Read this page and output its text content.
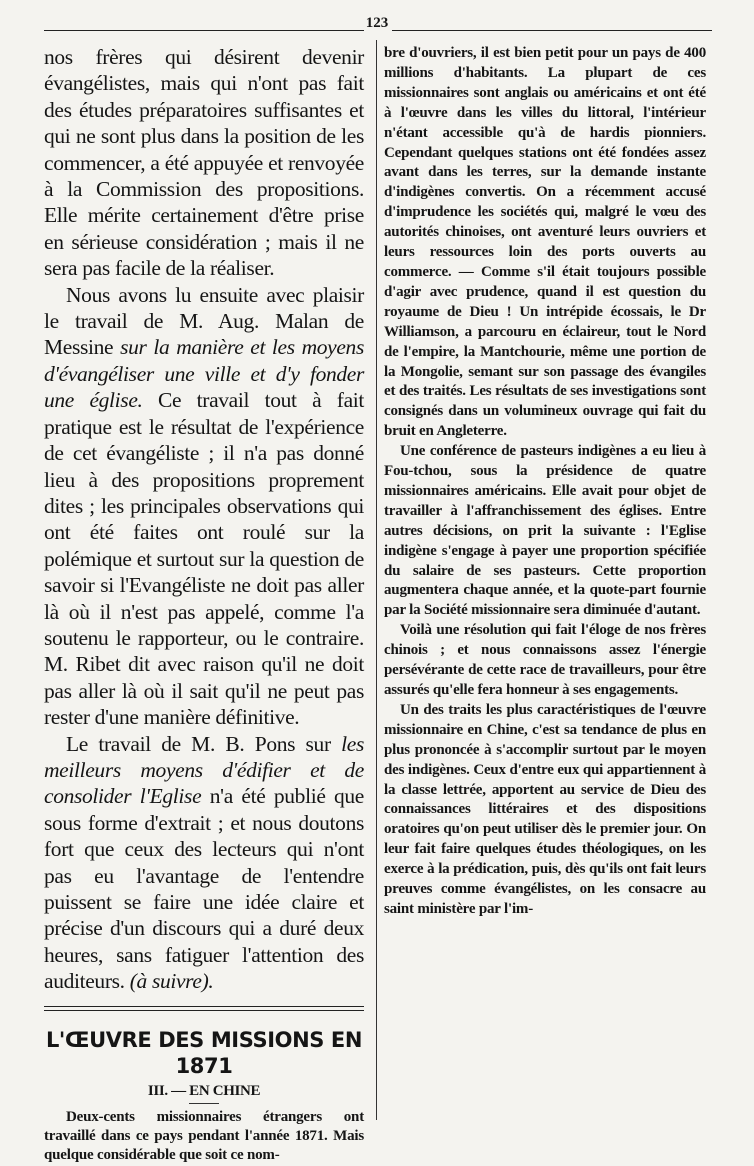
123

nos frères qui désirent devenir évangélistes, mais qui n'ont pas fait des études préparatoires suffisantes et qui ne sont plus dans la position de les commencer, a été appuyée et renvoyée à la Commission des propositions. Elle mérite certainement d'être prise en sérieuse considération ; mais il ne sera pas facile de la réaliser.

Nous avons lu ensuite avec plaisir le travail de M. Aug. Malan de Messine sur la manière et les moyens d'évangéliser une ville et d'y fonder une église. Ce travail tout à fait pratique est le résultat de l'expérience de cet évangéliste ; il n'a pas donné lieu à des propositions proprement dites ; les principales observations qui ont été faites ont roulé sur la polémique et surtout sur la question de savoir si l'Evangéliste ne doit pas aller là où il n'est pas appelé, comme l'a soutenu le rapporteur, ou le contraire. M. Ribet dit avec raison qu'il ne doit pas aller là où il sait qu'il ne peut pas rester d'une manière définitive.

Le travail de M. B. Pons sur les meilleurs moyens d'édifier et de consolider l'Eglise n'a été publié que sous forme d'extrait ; et nous doutons fort que ceux des lecteurs qui n'ont pas eu l'avantage de l'entendre puissent se faire une idée claire et précise d'un discours qui a duré deux heures, sans fatiguer l'attention des auditeurs. (à suivre).

L'ŒUVRE DES MISSIONS EN 1871
III. — EN CHINE

Deux-cents missionnaires étrangers ont travaillé dans ce pays pendant l'année 1871. Mais quelque considérable que soit ce nom-

bre d'ouvriers, il est bien petit pour un pays de 400 millions d'habitants. La plupart de ces missionnaires sont anglais ou américains et ont été à l'œuvre dans les villes du littoral, l'intérieur n'étant accessible qu'à de hardis pionniers. Cependant quelques stations ont été fondées assez avant dans les terres, sur la demande instante d'indigènes convertis. On a récemment accusé d'imprudence les sociétés qui, malgré le vœu des autorités chinoises, ont aventuré leurs ouvriers et leurs ressources loin des ports ouverts au commerce. — Comme s'il était toujours possible d'agir avec prudence, quand il est question du royaume de Dieu ! Un intrépide écossais, le Dr Williamson, a parcouru en éclaireur, tout le Nord de l'empire, la Mantchourie, même une portion de la Mongolie, semant sur son passage des évangiles et des traités. Les résultats de ses investigations sont consignés dans un volumineux ouvrage qui fait du bruit en Angleterre.

Une conférence de pasteurs indigènes a eu lieu à Fou-tchou, sous la présidence de quatre missionnaires américains. Elle avait pour objet de travailler à l'affranchissement des églises. Entre autres décisions, on prit la suivante : l'Eglise indigène s'engage à payer une proportion spécifiée du salaire de ses pasteurs. Cette proportion augmentera chaque année, et la quote-part fournie par la Société missionnaire sera diminuée d'autant.

Voilà une résolution qui fait l'éloge de nos frères chinois ; et nous connaissons assez l'énergie persévérante de cette race de travailleurs, pour être assurés qu'elle fera honneur à ses engagements.

Un des traits les plus caractéristiques de l'œuvre missionnaire en Chine, c'est sa tendance de plus en plus prononcée à s'accomplir surtout par le moyen des indigènes. Ceux d'entre eux qui appartiennent à la classe lettrée, apportent au service de Dieu des connaissances littéraires et des dispositions oratoires qu'on peut utiliser dès le premier jour. On leur fait faire quelques études théologiques, on les exerce à la prédication, puis, dès qu'ils ont fait leurs preuves comme évangélistes, on les consacre au saint ministère par l'im-
